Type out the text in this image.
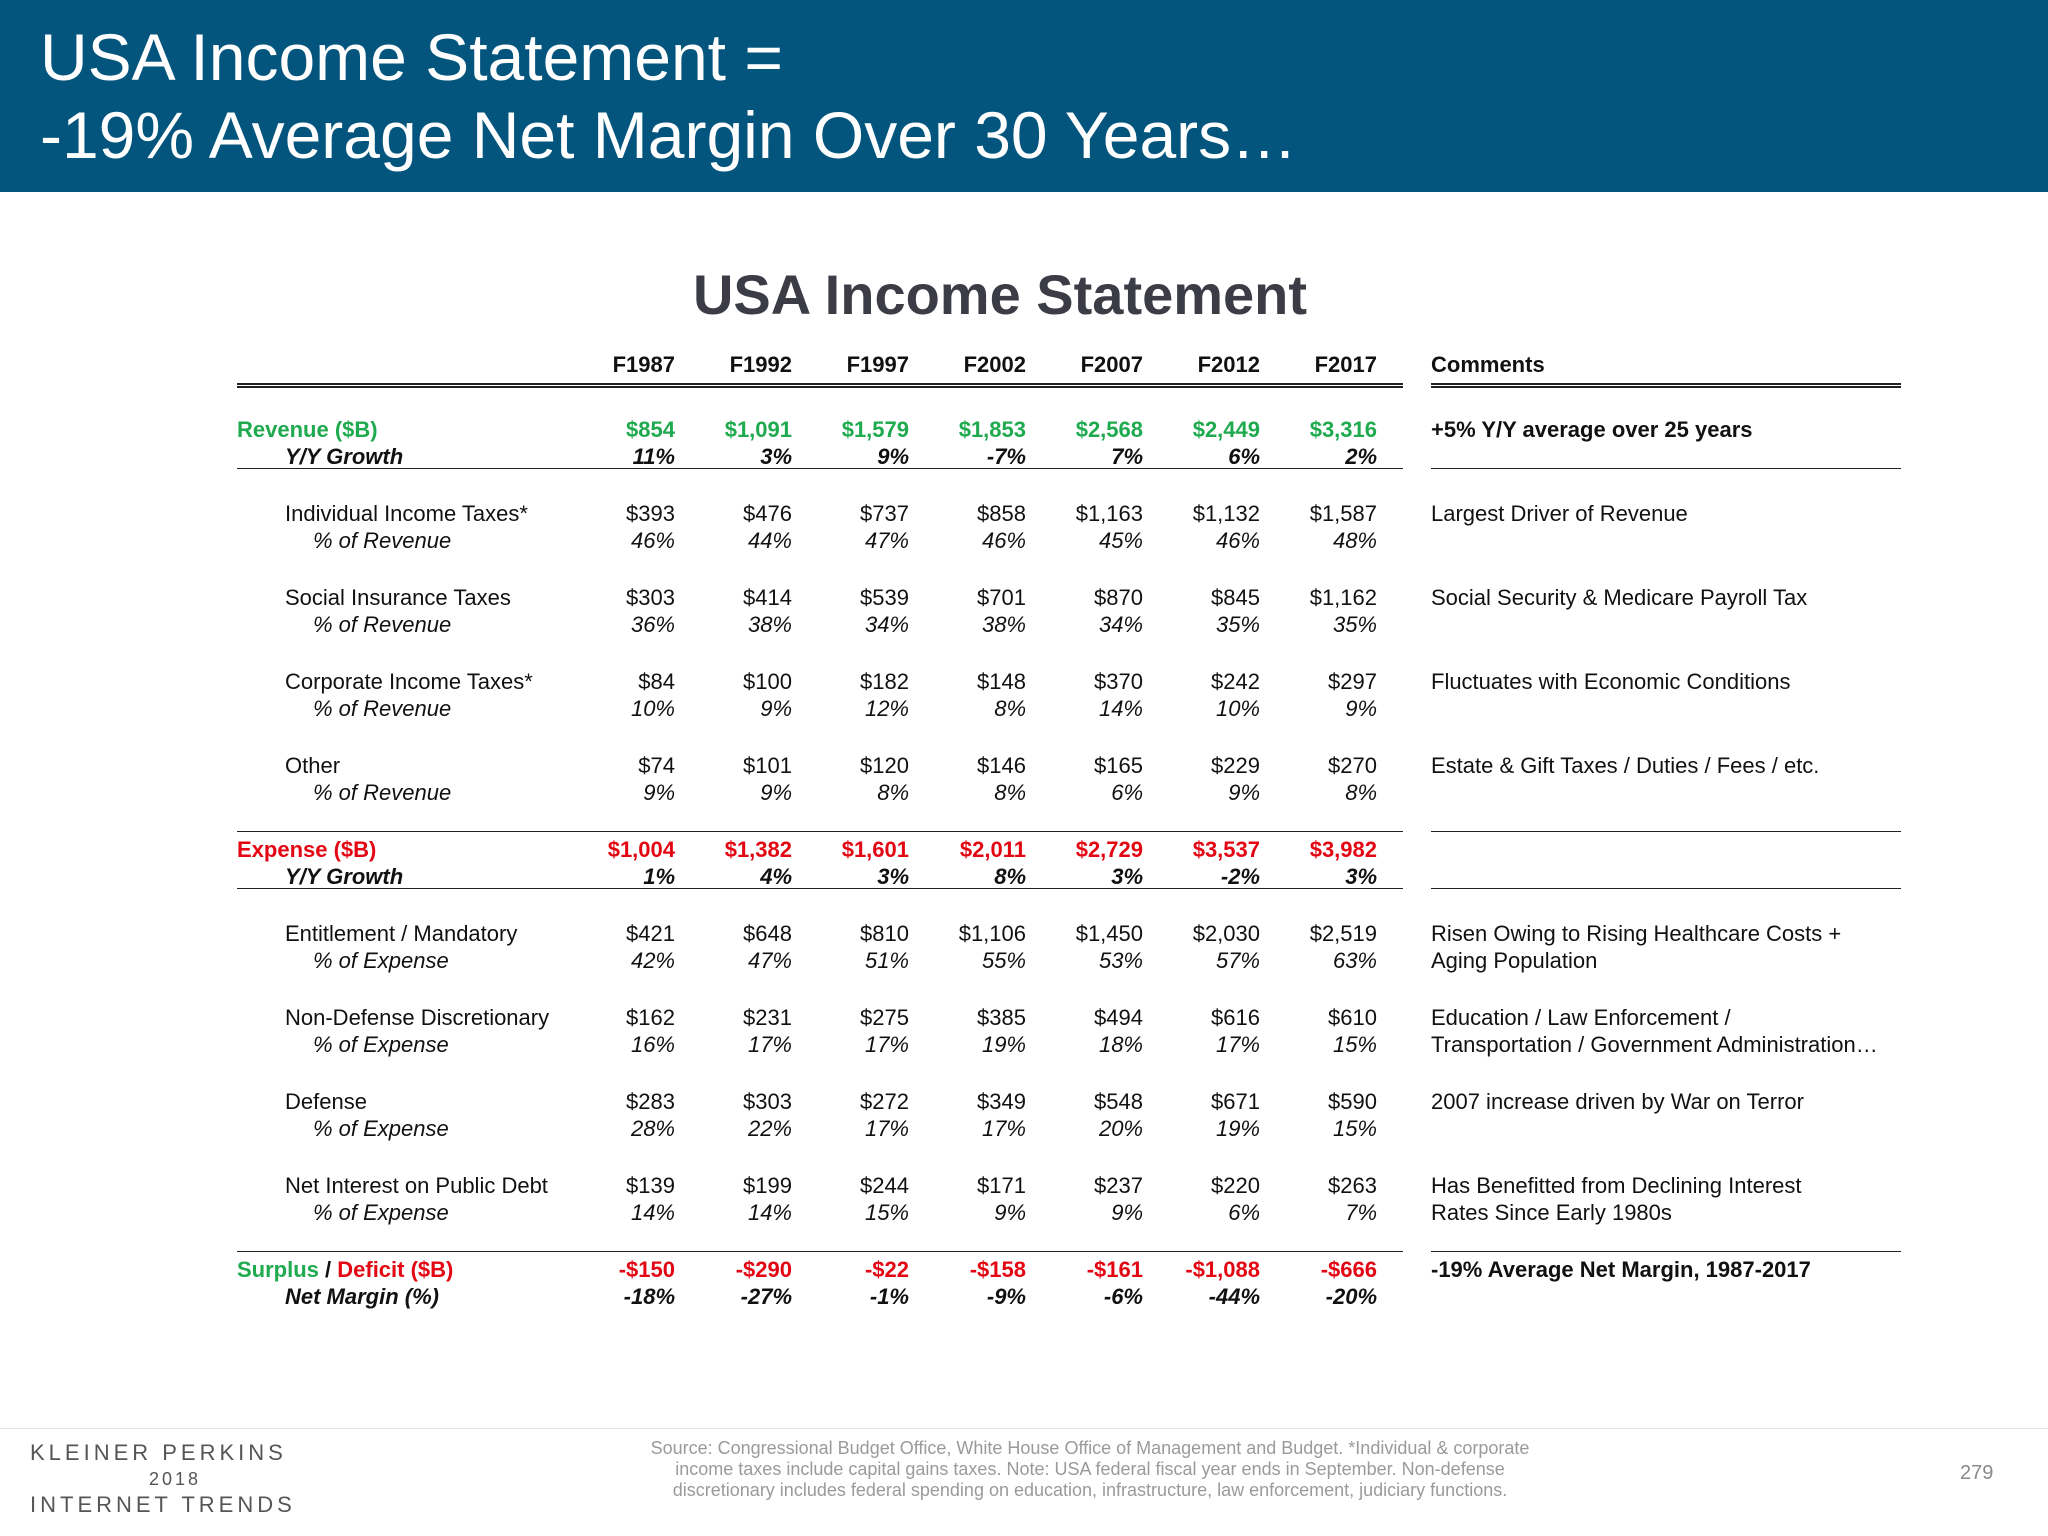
USA Income Statement =
-19% Average Net Margin Over 30 Years…
USA Income Statement
F1987	F1992	F1997	F2002	F2007	F2012	F2017 Comments
Revenue ($B)	$854	$1,091	$1,579	$1,853	$2,568	$2,449	$3,316 +5% Y/Y average over 25 years
Y/Y Growth	11%	3%	9%	-7%	7%	6%	2%
Individual Income Taxes*	$393	$476	$737	$858	$1,163	$1,132	$1,587 Largest Driver of Revenue
% of Revenue	46%	44%	47%	46%	45%	46%	48%
Social Insurance Taxes	$303	$414	$539	$701	$870	$845	$1,162 Social Security & Medicare Payroll Tax
% of Revenue	36%	38%	34%	38%	34%	35%	35%
Corporate Income Taxes*	$84	$100	$182	$148	$370	$242	$297 Fluctuates with Economic Conditions
% of Revenue	10%	9%	12%	8%	14%	10%	9%
Other	$74	$101	$120	$146	$165	$229	$270 Estate & Gift Taxes / Duties / Fees / etc.
% of Revenue	9%	9%	8%	8%	6%	9%	8%
Expense ($B)	$1,004	$1,382	$1,601	$2,011	$2,729	$3,537	$3,982
Y/Y Growth	1%	4%	3%	8%	3%	-2%	3%
Entitlement / Mandatory	$421	$648	$810	$1,106	$1,450	$2,030	$2,519 Risen Owing to Rising Healthcare Costs +
% of Expense	42%	47%	51%	55%	53%	57%	63% Aging Population
Non-Defense Discretionary	$162	$231	$275	$385	$494	$616	$610 Education / Law Enforcement /
% of Expense	16%	17%	17%	19%	18%	17%	15% Transportation / Government Administration…
Defense	$283	$303	$272	$349	$548	$671	$590 2007 increase driven by War on Terror
% of Expense	28%	22%	17%	17%	20%	19%	15%
Net Interest on Public Debt	$139	$199	$244	$171	$237	$220	$263 Has Benefitted from Declining Interest
% of Expense	14%	14%	15%	9%	9%	6%	7% Rates Since Early 1980s
Surplus / Deficit ($B)	-$150	-$290	-$22	-$158	-$161	-$1,088	-$666 -19% Average Net Margin, 1987-2017
Net Margin (%)	-18%	-27%	-1%	-9%	-6%	-44%	-20%
KLEINER PERKINS
2018
INTERNET TRENDS
Source: Congressional Budget Office, White House Office of Management and Budget. *Individual & corporate
income taxes include capital gains taxes. Note: USA federal fiscal year ends in September. Non-defense
discretionary includes federal spending on education, infrastructure, law enforcement, judiciary functions.
279
